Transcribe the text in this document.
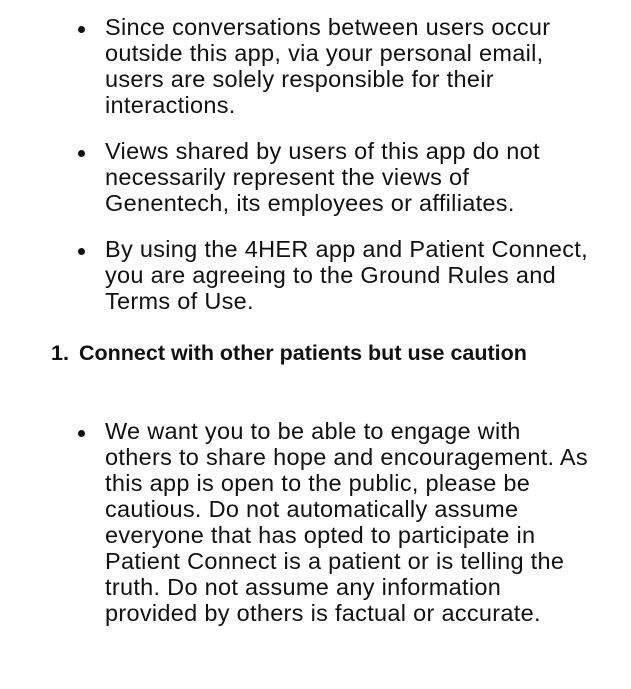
Since conversations between users occur outside this app, via your personal email, users are solely responsible for their interactions.
Views shared by users of this app do not necessarily represent the views of Genentech, its employees or affiliates.
By using the 4HER app and Patient Connect, you are agreeing to the Ground Rules and Terms of Use.
1. Connect with other patients but use caution
We want you to be able to engage with others to share hope and encouragement. As this app is open to the public, please be cautious. Do not automatically assume everyone that has opted to participate in Patient Connect is a patient or is telling the truth. Do not assume any information provided by others is factual or accurate.
